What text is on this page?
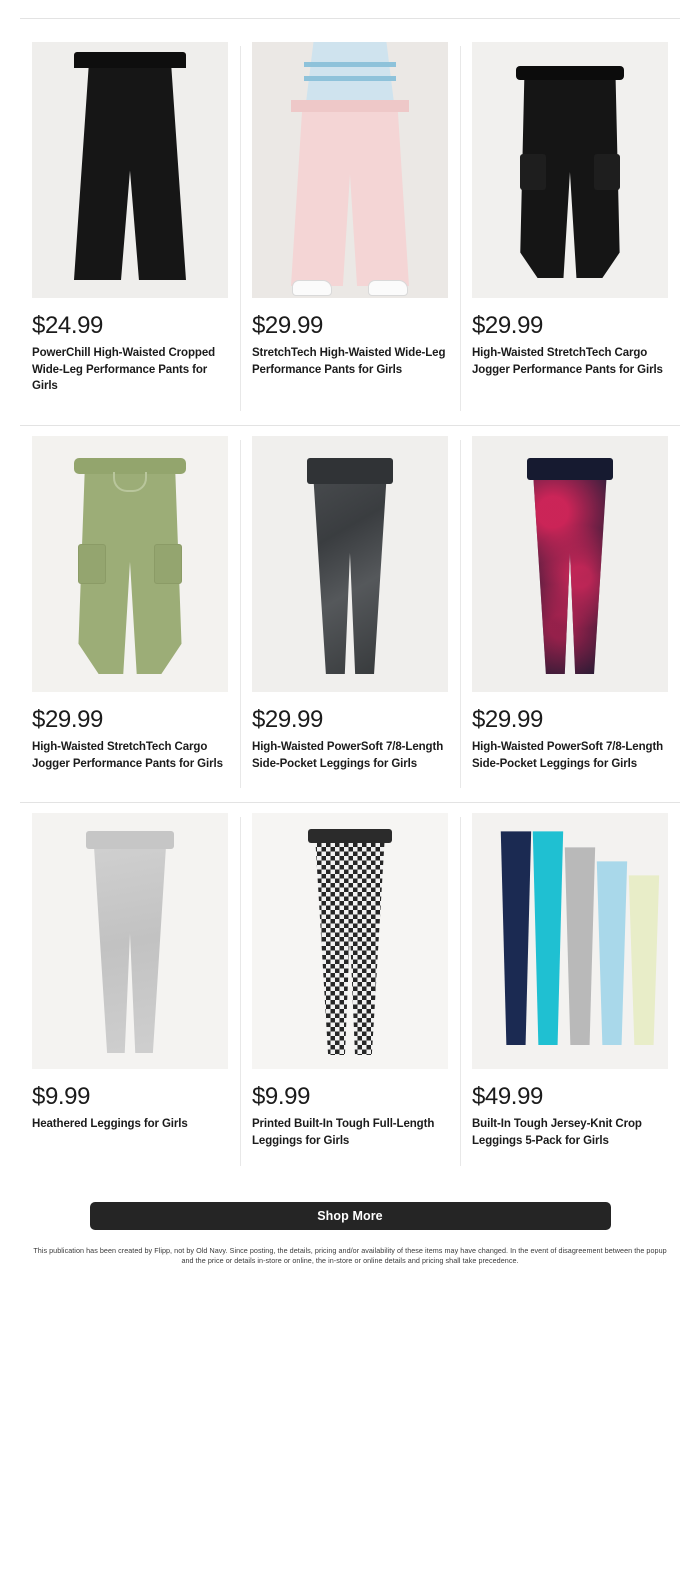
$24.99
PowerChill High-Waisted Cropped Wide-Leg Performance Pants for Girls
$29.99
StretchTech High-Waisted Wide-Leg Performance Pants for Girls
$29.99
High-Waisted StretchTech Cargo Jogger Performance Pants for Girls
$29.99
High-Waisted StretchTech Cargo Jogger Performance Pants for Girls
$29.99
High-Waisted PowerSoft 7/8-Length Side-Pocket Leggings for Girls
$29.99
High-Waisted PowerSoft 7/8-Length Side-Pocket Leggings for Girls
$9.99
Heathered Leggings for Girls
$9.99
Printed Built-In Tough Full-Length Leggings for Girls
$49.99
Built-In Tough Jersey-Knit Crop Leggings 5-Pack for Girls
Shop More
This publication has been created by Flipp, not by Old Navy. Since posting, the details, pricing and/or availability of these items may have changed. In the event of disagreement between the popup and the price or details in-store or online, the in-store or online details and pricing shall take precedence.
